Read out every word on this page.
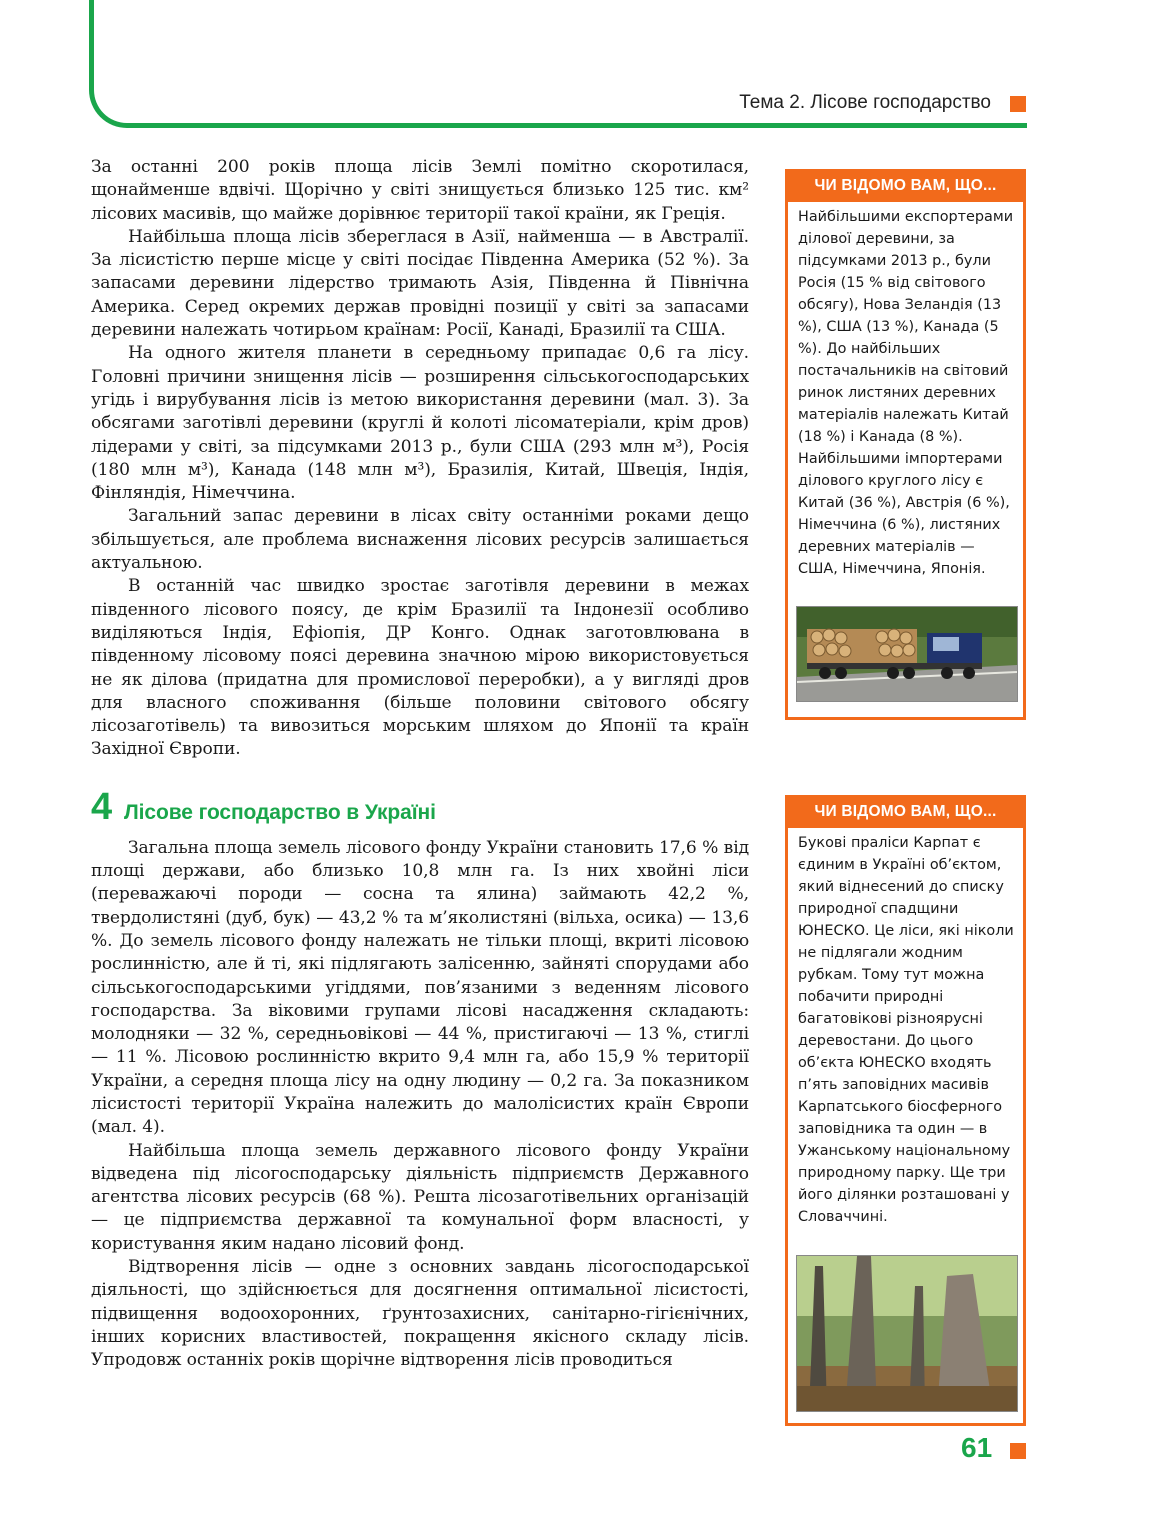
Тема 2. Лісове господарство

За останні 200 років площа лісів Землі помітно скоротилася, щонайменше вдвічі. Щорічно у світі знищується близько 125 тис. км² лісових масивів, що майже дорівнює території такої країни, як Греція.

Найбільша площа лісів збереглася в Азії, найменша — в Австралії. За лісистістю перше місце у світі посідає Південна Америка (52 %). За запасами деревини лідерство тримають Азія, Південна й Північна Америка. Серед окремих держав провідні позиції у світі за запасами деревини належать чотирьом країнам: Росії, Канаді, Бразилії та США.

На одного жителя планети в середньому припадає 0,6 га лісу. Головні причини знищення лісів — розширення сільськогосподарських угідь і вирубування лісів із метою використання деревини (мал. 3). За обсягами заготівлі деревини (круглі й колоті лісоматеріали, крім дров) лідерами у світі, за підсумками 2013 р., були США (293 млн м³), Росія (180 млн м³), Канада (148 млн м³), Бразилія, Китай, Швеція, Індія, Фінляндія, Німеччина.

Загальний запас деревини в лісах світу останніми роками дещо збільшується, але проблема виснаження лісових ресурсів залишається актуальною.

В останній час швидко зростає заготівля деревини в межах південного лісового поясу, де крім Бразилії та Індонезії особливо виділяються Індія, Ефіопія, ДР Конго. Однак заготовлювана в південному лісовому поясі деревина значною мірою використовується не як ділова (придатна для промислової переробки), а у вигляді дров для власного споживання (більше половини світового обсягу лісозаготівель) та вивозиться морським шляхом до Японії та країн Західної Європи.

4 Лісове господарство в Україні

Загальна площа земель лісового фонду України становить 17,6 % від площі держави, або близько 10,8 млн га. Із них хвойні ліси (переважаючі породи — сосна та ялина) займають 42,2 %, твердолистяні (дуб, бук) — 43,2 % та м’яколистяні (вільха, осика) — 13,6 %. До земель лісового фонду належать не тільки площі, вкриті лісовою рослинністю, але й ті, які підлягають залісенню, зайняті спорудами або сільськогосподарськими угіддями, пов’язаними з веденням лісового господарства. За віковими групами лісові насадження складають: молодняки — 32 %, середньовікові — 44 %, пристигаючі — 13 %, стиглі — 11 %. Лісовою рослинністю вкрито 9,4 млн га, або 15,9 % території України, а середня площа лісу на одну людину — 0,2 га. За показником лісистості території Україна належить до малолісистих країн Європи (мал. 4).

Найбільша площа земель державного лісового фонду України відведена під лісогосподарську діяльність підприємств Державного агентства лісових ресурсів (68 %). Решта лісозаготівельних організацій — це підприємства державної та комунальної форм власності, у користування яким надано лісовий фонд.

Відтворення лісів — одне з основних завдань лісогосподарської діяльності, що здійснюється для досягнення оптимальної лісистості, підвищення водоохоронних, ґрунтозахисних, санітарно-гігієнічних, інших корисних властивостей, покращення якісного складу лісів. Упродовж останніх років щорічне відтворення лісів проводиться

ЧИ ВІДОМО ВАМ, ЩО...
Найбільшими експортерами ділової деревини, за підсумками 2013 р., були Росія (15 % від світового обсягу), Нова Зеландія (13 %), США (13 %), Канада (5 %). До найбільших постачальників на світовий ринок листяних деревних матеріалів належать Китай (18 %) і Канада (8 %). Найбільшими імпортерами ділового круглого лісу є Китай (36 %), Австрія (6 %), Німеччина (6 %), листяних деревних матеріалів — США, Німеччина, Японія.
ЧИ ВІДОМО ВАМ, ЩО...
Букові праліси Карпат є єдиним в Україні об’єктом, який віднесений до списку природної спадщини ЮНЕСКО. Це ліси, які ніколи не підлягали жодним рубкам. Тому тут можна побачити природні багатовікові різноярусні деревостани. До цього об’єкта ЮНЕСКО входять п’ять заповідних масивів Карпатського біосферного заповідника та один — в Ужанському національному природному парку. Ще три його ділянки розташовані у Словаччині.
61
